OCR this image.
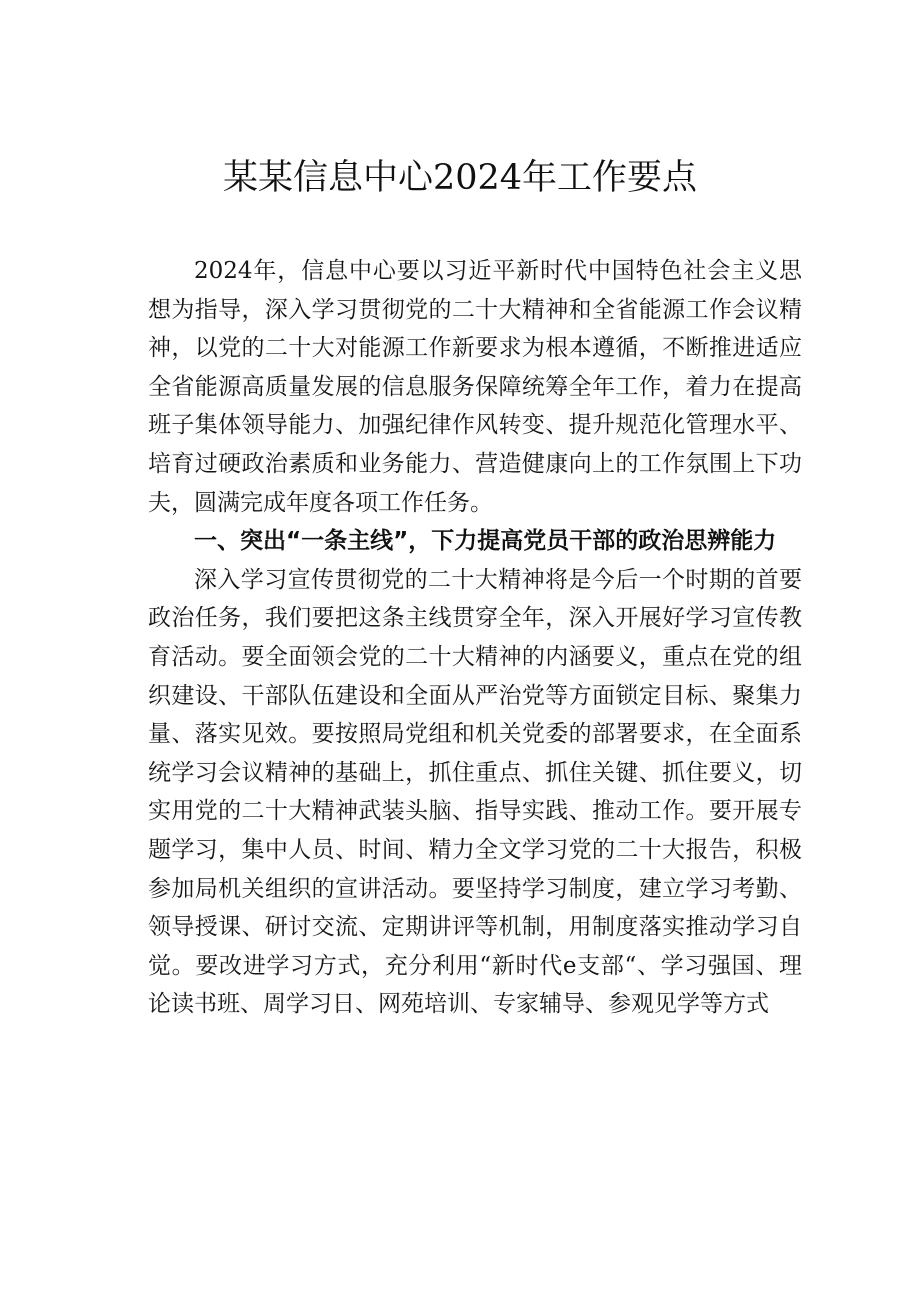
某某信息中心2024年工作要点

2024年，信息中心要以习近平新时代中国特色社会主义思想为指导，深入学习贯彻党的二十大精神和全省能源工作会议精神，以党的二十大对能源工作新要求为根本遵循，不断推进适应全省能源高质量发展的信息服务保障统筹全年工作，着力在提高班子集体领导能力、加强纪律作风转变、提升规范化管理水平、培育过硬政治素质和业务能力、营造健康向上的工作氛围上下功夫，圆满完成年度各项工作任务。

一、突出“一条主线”，下力提高党员干部的政治思辨能力

深入学习宣传贯彻党的二十大精神将是今后一个时期的首要政治任务，我们要把这条主线贯穿全年，深入开展好学习宣传教育活动。要全面领会党的二十大精神的内涵要义，重点在党的组织建设、干部队伍建设和全面从严治党等方面锁定目标、聚集力量、落实见效。要按照局党组和机关党委的部署要求，在全面系统学习会议精神的基础上，抓住重点、抓住关键、抓住要义，切实用党的二十大精神武装头脑、指导实践、推动工作。要开展专题学习，集中人员、时间、精力全文学习党的二十大报告，积极参加局机关组织的宣讲活动。要坚持学习制度，建立学习考勤、领导授课、研讨交流、定期讲评等机制，用制度落实推动学习自觉。要改进学习方式，充分利用“新时代e支部“、学习强国、理论读书班、周学习日、网苑培训、专家辅导、参观见学等方式
